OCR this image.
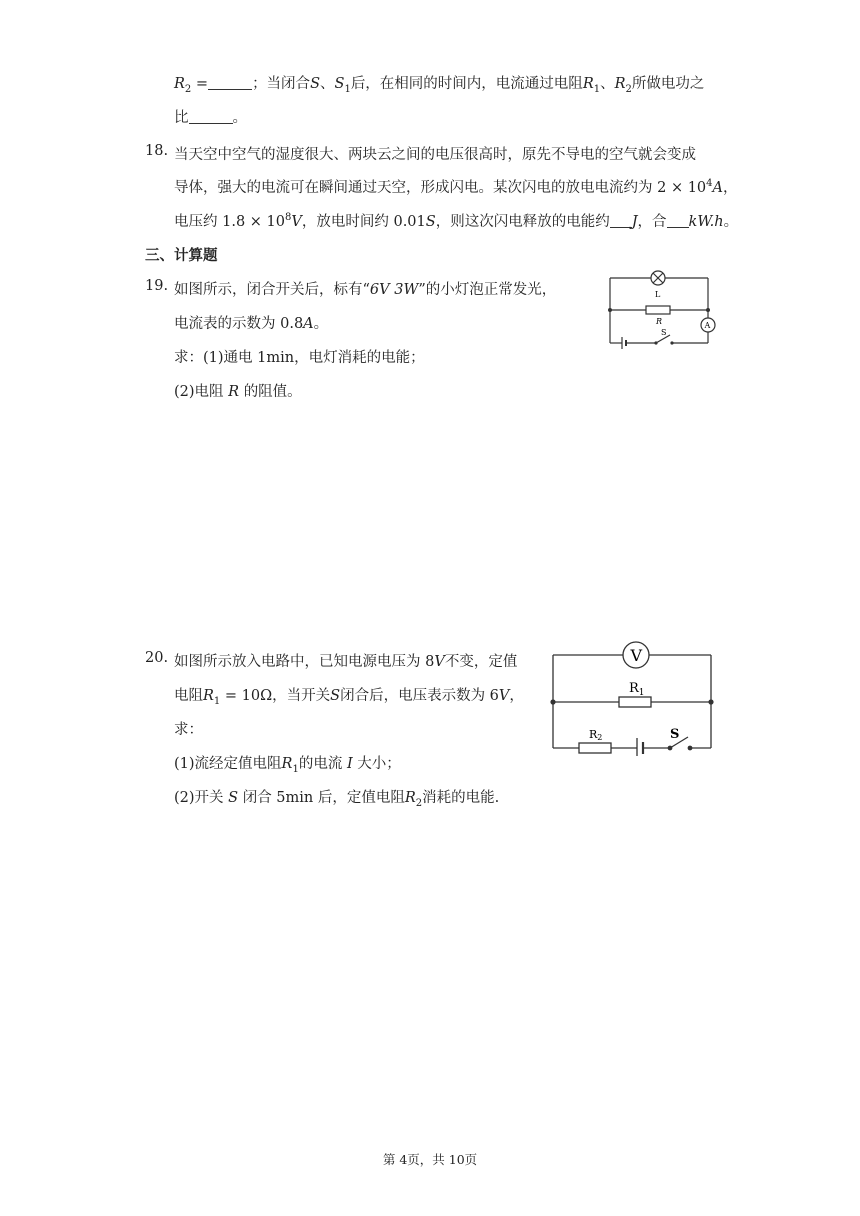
$R_2$ =	；当闭合S、$S_1$后，在相同的时间内，电流通过电阻$R_1$、$R_2$所做电功之
比	。
18. 当天空中空气的湿度很大、两块云之间的电压很高时，原先不导电的空气就会变成
导体，强大的电流可在瞬间通过天空，形成闪电。某次闪电的放电电流约为 $2 \times 10^4A$，
电压约 $1.8 \times 10^8V$，放电时间约 0.01S，则这次闪电释放的电能约 J，合 kW.h。
三、计算题
19. 如图所示，闭合开关后，标有“6V 3W”的小灯泡正常发光，
电流表的示数为 0.8A。
求：(1)通电 1min，电灯消耗的电能；
(2)电阻 R 的阻值。
L
R
S
A
20. 如图所示放入电路中，已知电源电压为 8V不变，定值
电阻$R_1 = 10\Omega$，当开关S闭合后，电压表示数为 6V，
求：
(1)流经定值电阻$R_1$的电流 I 大小；
(2)开关 S 闭合 5min 后，定值电阻$R_2$消耗的电能.
V
$R_1$
R2	S
第 4页，共 10页
